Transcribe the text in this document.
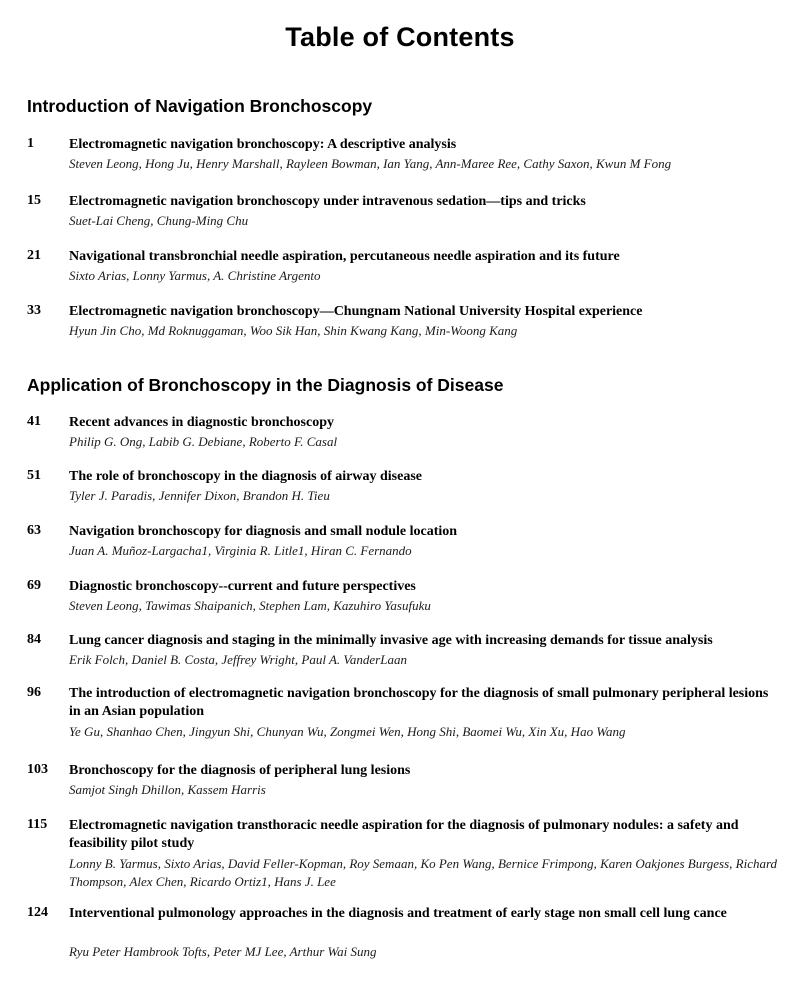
Table of Contents
Introduction of Navigation Bronchoscopy
1	Electromagnetic navigation bronchoscopy: A descriptive analysis
Steven Leong, Hong Ju, Henry Marshall, Rayleen Bowman, Ian Yang, Ann-Maree Ree, Cathy Saxon, Kwun M Fong
15 Electromagnetic navigation bronchoscopy under intravenous sedation—tips and tricks
Suet-Lai Cheng, Chung-Ming Chu
21 Navigational transbronchial needle aspiration, percutaneous needle aspiration and its future
Sixto Arias, Lonny Yarmus, A. Christine Argento
33 Electromagnetic navigation bronchoscopy—Chungnam National University Hospital experience
Hyun Jin Cho, Md Roknuggaman, Woo Sik Han, Shin Kwang Kang, Min-Woong Kang
Application of Bronchoscopy in the Diagnosis of Disease
41 Recent advances in diagnostic bronchoscopy
Philip G. Ong, Labib G. Debiane, Roberto F. Casal
51 The role of bronchoscopy in the diagnosis of airway disease
Tyler J. Paradis, Jennifer Dixon, Brandon H. Tieu
63 Navigation bronchoscopy for diagnosis and small nodule location
Juan A. Muñoz-Largacha1, Virginia R. Litle1, Hiran C. Fernando
69 Diagnostic bronchoscopy--current and future perspectives
Steven Leong, Tawimas Shaipanich, Stephen Lam, Kazuhiro Yasufuku
84 Lung cancer diagnosis and staging in the minimally invasive age with increasing demands for tissue analysis
Erik Folch, Daniel B. Costa, Jeffrey Wright, Paul A. VanderLaan
96 The introduction of electromagnetic navigation bronchoscopy for the diagnosis of small pulmonary peripheral lesions in an Asian population
Ye Gu, Shanhao Chen, Jingyun Shi, Chunyan Wu, Zongmei Wen, Hong Shi, Baomei Wu, Xin Xu, Hao Wang
103 Bronchoscopy for the diagnosis of peripheral lung lesions
Samjot Singh Dhillon, Kassem Harris
115 Electromagnetic navigation transthoracic needle aspiration for the diagnosis of pulmonary nodules: a safety and feasibility pilot study
Lonny B. Yarmus, Sixto Arias, David Feller-Kopman, Roy Semaan, Ko Pen Wang, Bernice Frimpong, Karen Oakjones Burgess, Richard Thompson, Alex Chen, Ricardo Ortiz1, Hans J. Lee
124 Interventional pulmonology approaches in the diagnosis and treatment of early stage non small cell lung cance
Ryu Peter Hambrook Tofts, Peter MJ Lee, Arthur Wai Sung
